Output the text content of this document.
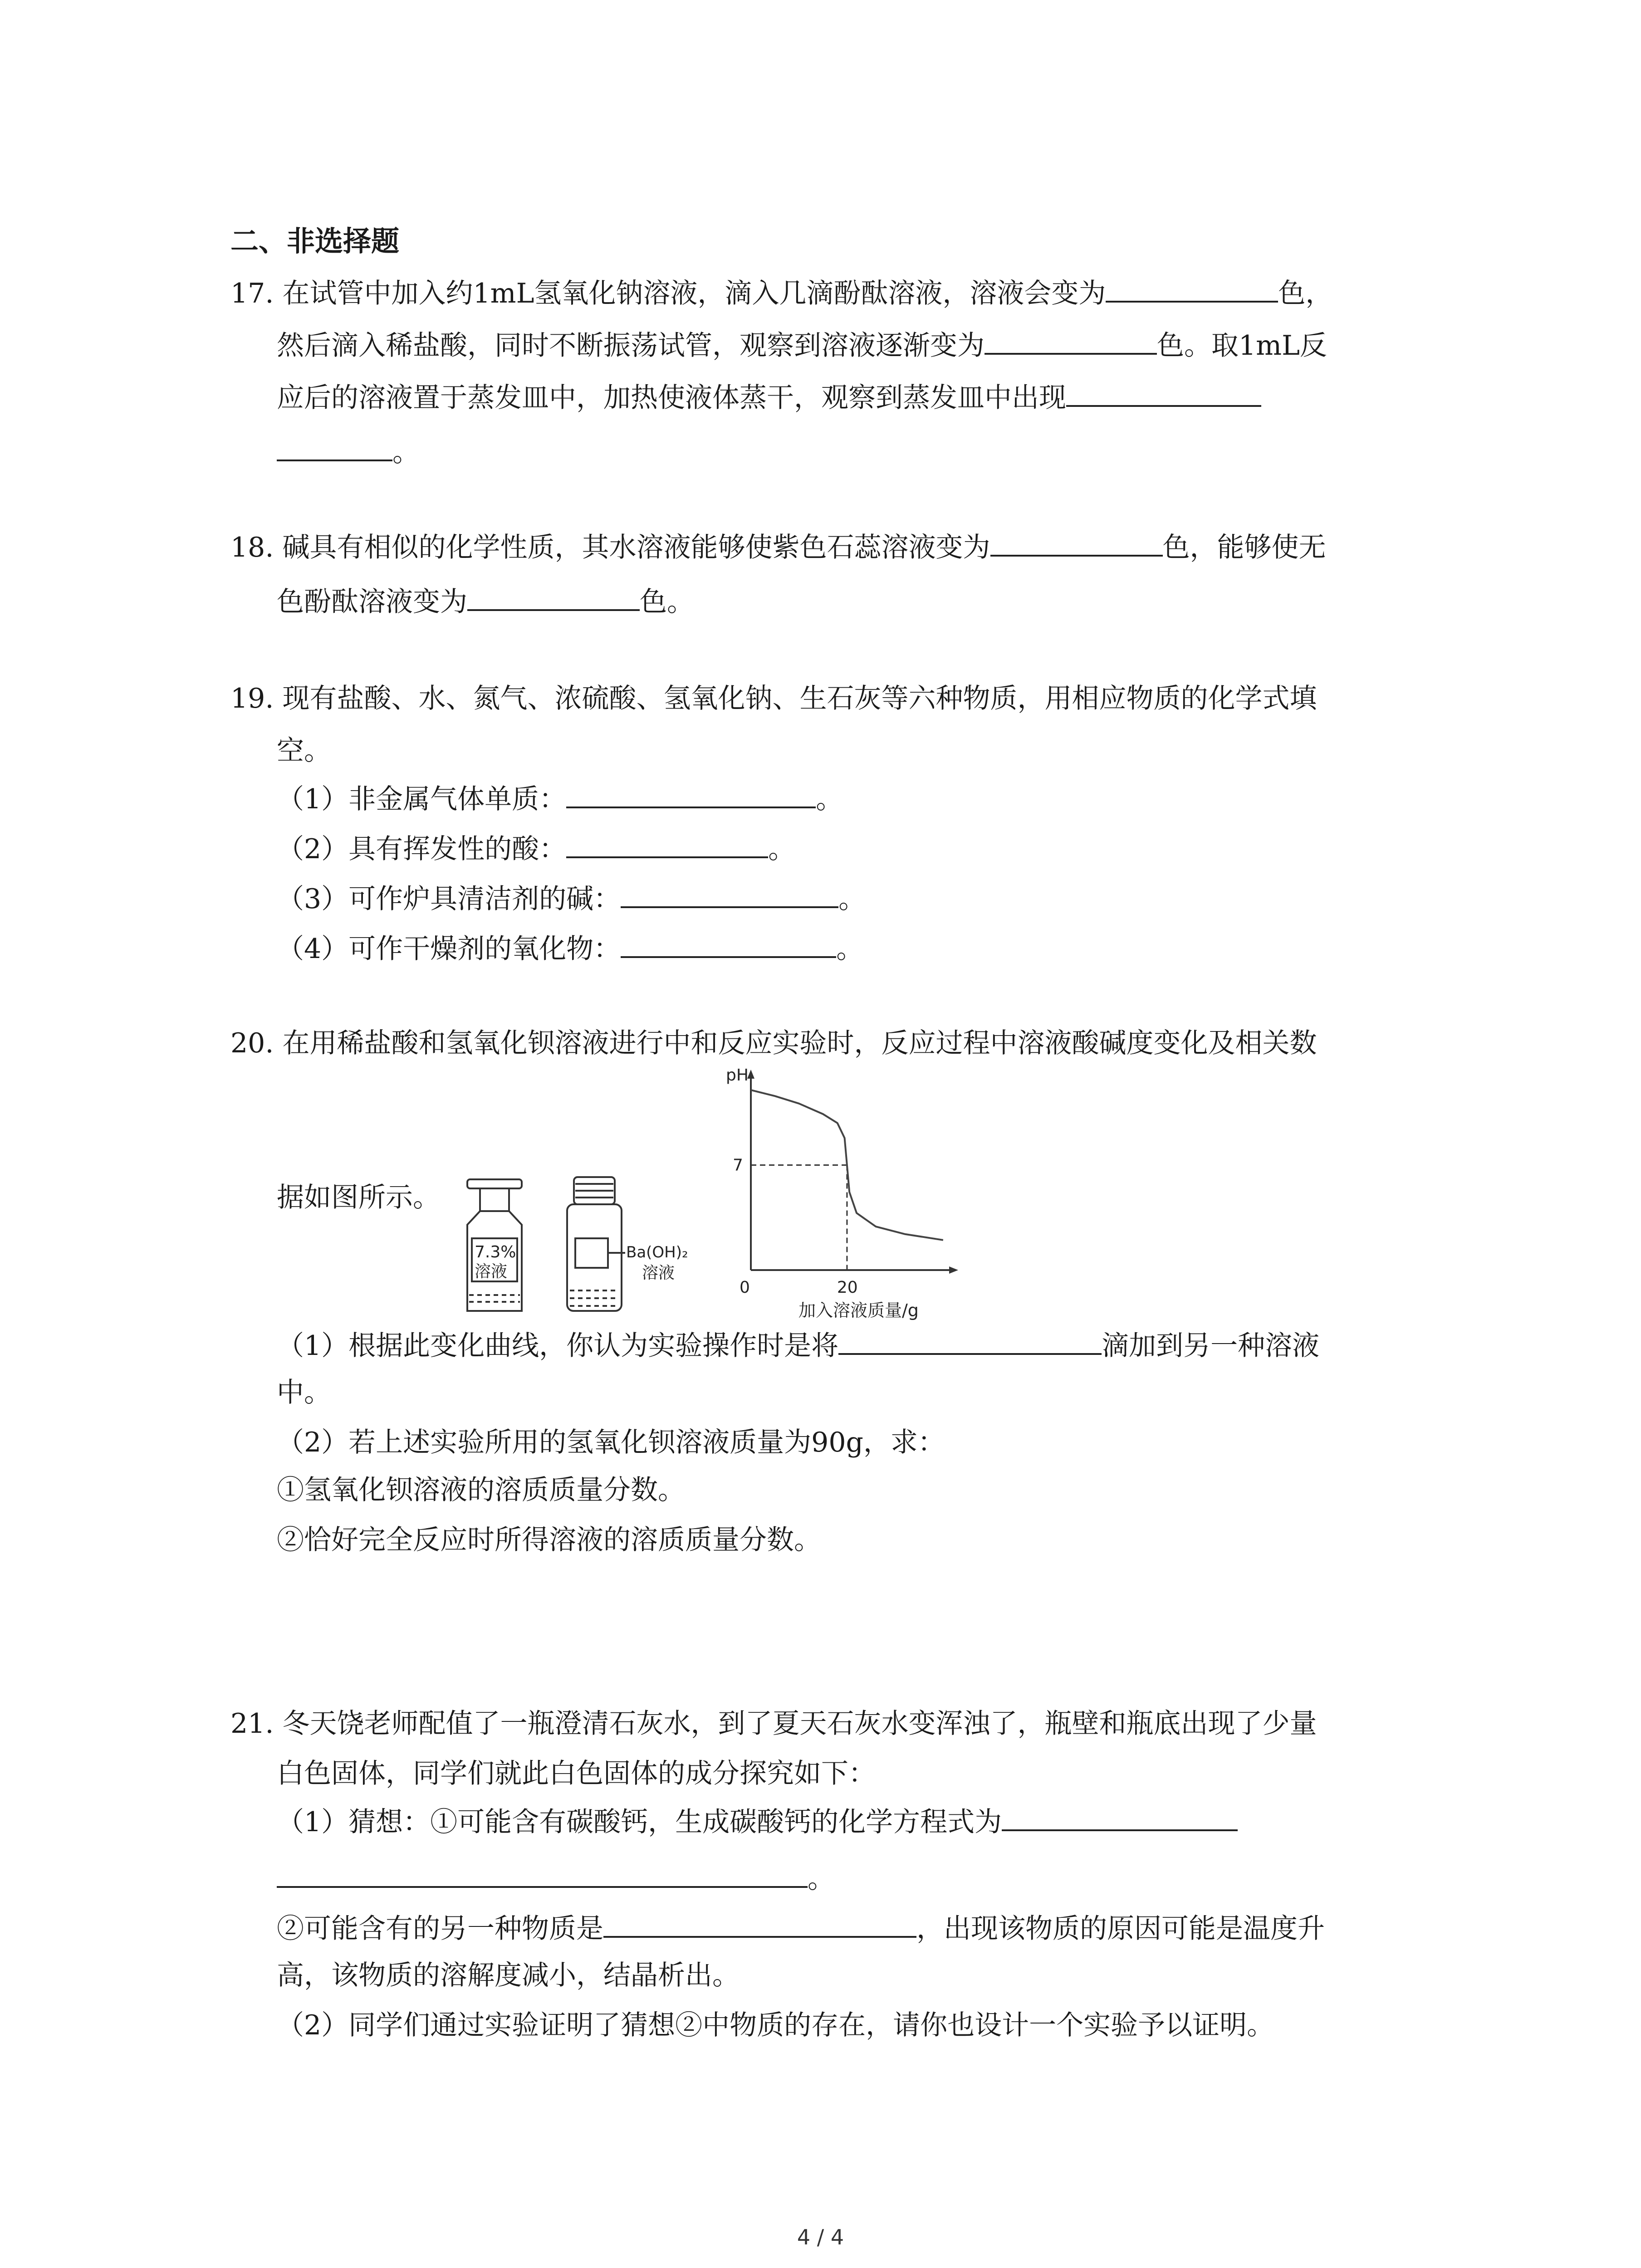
二、非选择题
17. 在试管中加入约1mL氢氧化钠溶液，滴入几滴酚酞溶液，溶液会变为	色，
然后滴入稀盐酸，同时不断振荡试管，观察到溶液逐渐变为	色。取1mL反
应后的溶液置于蒸发皿中，加热使液体蒸干，观察到蒸发皿中出现
。
18. 碱具有相似的化学性质，其水溶液能够使紫色石蕊溶液变为	色，能够使无
色酚酞溶液变为	色。
19. 现有盐酸、水、氮气、浓硫酸、氢氧化钠、生石灰等六种物质，用相应物质的化学式填
空。
（1）非金属气体单质：	。
（2）具有挥发性的酸：	。
（3）可作炉具清洁剂的碱：	。
（4）可作干燥剂的氧化物：	。
20. 在用稀盐酸和氢氧化钡溶液进行中和反应实验时，反应过程中溶液酸碱度变化及相关数
据如图所示。
7.3%
溶液
Ba(OH)₂
溶液
pH
0
7
20
加入溶液质量/g
（1）根据此变化曲线，你认为实验操作时是将	滴加到另一种溶液
中。
（2）若上述实验所用的氢氧化钡溶液质量为90g，求：
①氢氧化钡溶液的溶质质量分数。
②恰好完全反应时所得溶液的溶质质量分数。
21. 冬天饶老师配值了一瓶澄清石灰水，到了夏天石灰水变浑浊了，瓶壁和瓶底出现了少量
白色固体，同学们就此白色固体的成分探究如下：
（1）猜想：①可能含有碳酸钙，生成碳酸钙的化学方程式为
。
②可能含有的另一种物质是	，出现该物质的原因可能是温度升
高，该物质的溶解度减小，结晶析出。
（2）同学们通过实验证明了猜想②中物质的存在，请你也设计一个实验予以证明。
4 / 4
